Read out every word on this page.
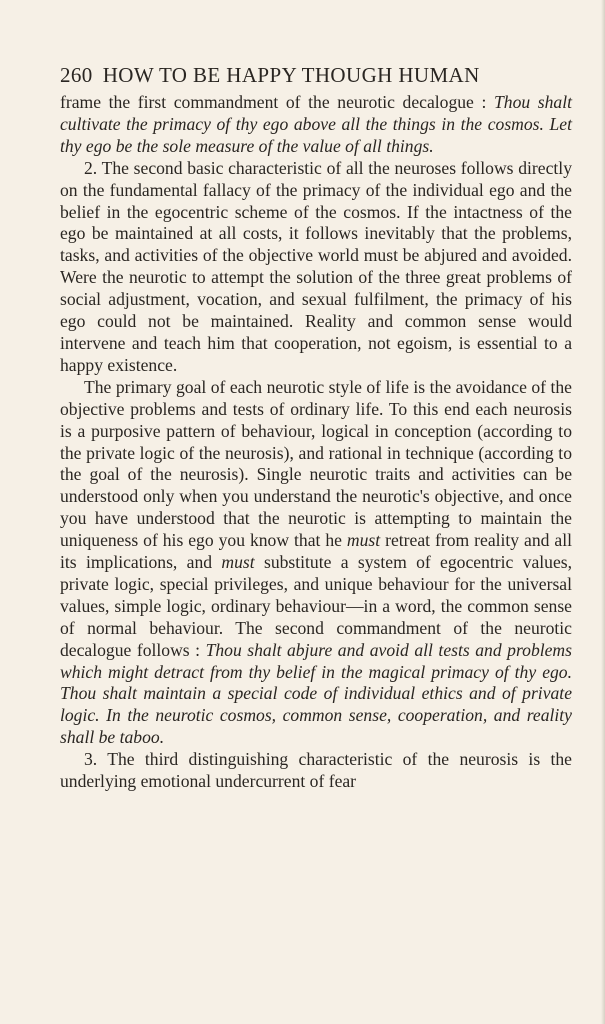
260 HOW TO BE HAPPY THOUGH HUMAN

frame the first commandment of the neurotic decalogue : Thou shalt cultivate the primacy of thy ego above all the things in the cosmos. Let thy ego be the sole measure of the value of all things.

2. The second basic characteristic of all the neuroses follows directly on the fundamental fallacy of the primacy of the individual ego and the belief in the egocentric scheme of the cosmos. If the intactness of the ego be maintained at all costs, it follows inevitably that the problems, tasks, and activities of the objective world must be abjured and avoided. Were the neurotic to attempt the solution of the three great problems of social adjustment, vocation, and sexual fulfilment, the primacy of his ego could not be maintained. Reality and common sense would intervene and teach him that cooperation, not egoism, is essential to a happy existence.

The primary goal of each neurotic style of life is the avoidance of the objective problems and tests of ordinary life. To this end each neurosis is a purposive pattern of behaviour, logical in conception (according to the private logic of the neurosis), and rational in technique (according to the goal of the neurosis). Single neurotic traits and activities can be understood only when you understand the neurotic's objective, and once you have understood that the neurotic is attempting to maintain the uniqueness of his ego you know that he must retreat from reality and all its implications, and must substitute a system of egocentric values, private logic, special privileges, and unique behaviour for the universal values, simple logic, ordinary behaviour—in a word, the common sense of normal behaviour. The second commandment of the neurotic decalogue follows : Thou shalt abjure and avoid all tests and problems which might detract from thy belief in the magical primacy of thy ego. Thou shalt maintain a special code of individual ethics and of private logic. In the neurotic cosmos, common sense, cooperation, and reality shall be taboo.

3. The third distinguishing characteristic of the neurosis is the underlying emotional undercurrent of fear
